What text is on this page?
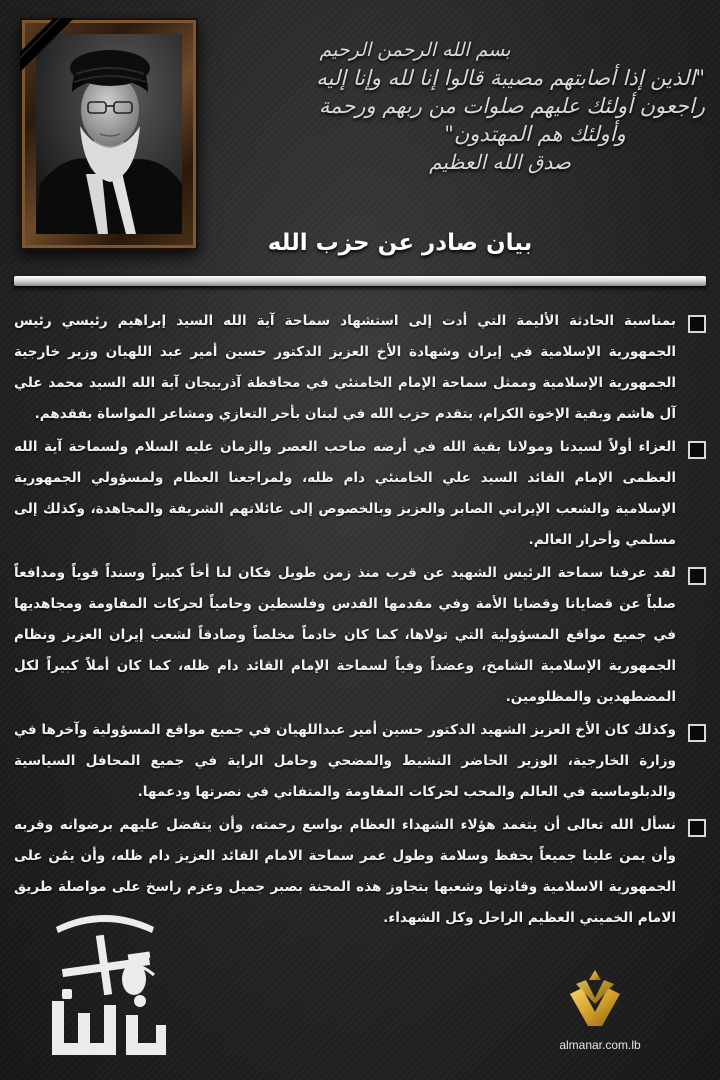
بسم الله الرحمن الرحيم
"الذين إذا أصابتهم مصيبة قالوا إنا لله وإنا إليه
راجعون أولئك عليهم صلوات من ربهم ورحمة
وأولئك هم المهتدون"
صدق الله العظيم
بيان صادر عن حزب الله

بمناسبة الحادثة الأليمة التي أدت إلى استشهاد سماحة آية الله السيد إبراهيم رئيسي رئيس الجمهورية الإسلامية في إيران وشهادة الأخ العزيز الدكتور حسين أمير عبد اللهيان وزير خارجية الجمهورية الإسلامية وممثل سماحة الإمام الخامنئي في محافظة آذربيجان آية الله السيد محمد علي آل هاشم وبقية الإخوة الكرام، يتقدم حزب الله في لبنان بأحر التعازي ومشاعر المواساة بفقدهم.

العزاء أولاً لسيدنا ومولانا بقية الله في أرضه صاحب العصر والزمان عليه السلام ولسماحة آية الله العظمى الإمام القائد السيد علي الخامنئي دام ظله، ولمراجعنا العظام ولمسؤولي الجمهورية الإسلامية والشعب الإيراني الصابر والعزيز وبالخصوص إلى عائلاتهم الشريفة والمجاهدة، وكذلك إلى مسلمي وأحرار العالم.

لقد عرفنا سماحة الرئيس الشهيد عن قرب منذ زمن طويل فكان لنا أخاً كبيراً وسنداً قوياً ومدافعاً صلباً عن قضايانا وقضايا الأمة وفي مقدمها القدس وفلسطين وحامياً لحركات المقاومة ومجاهديها في جميع مواقع المسؤولية التي تولاها، كما كان خادماً مخلصاً وصادقاً لشعب إيران العزيز ونظام الجمهورية الإسلامية الشامخ، وعضداً وفياً لسماحة الإمام القائد دام ظله، كما كان أملاً كبيراً لكل المضطهدين والمظلومين.

وكذلك كان الأخ العزيز الشهيد الدكتور حسين أمير عبداللهيان في جميع مواقع المسؤولية وآخرها في وزارة الخارجية، الوزير الحاضر النشيط والمضحي وحامل الراية في جميع المحافل السياسية والدبلوماسية في العالم والمحب لحركات المقاومة والمتفاني في نصرتها ودعمها.

نسأل الله تعالى أن يتغمد هؤلاء الشهداء العظام بواسع رحمته، وأن يتفضل عليهم برضوانه وقربه وأن يمن علينا جميعاً بحفظ وسلامة وطول عمر سماحة الامام القائد العزيز دام ظله، وأن يمُن على الجمهورية الاسلامية وقادتها وشعبها بتجاوز هذه المحنة بصبر جميل وعزم راسخ على مواصلة طريق الامام الخميني العظيم الراحل وكل الشهداء.

almanar.com.lb
